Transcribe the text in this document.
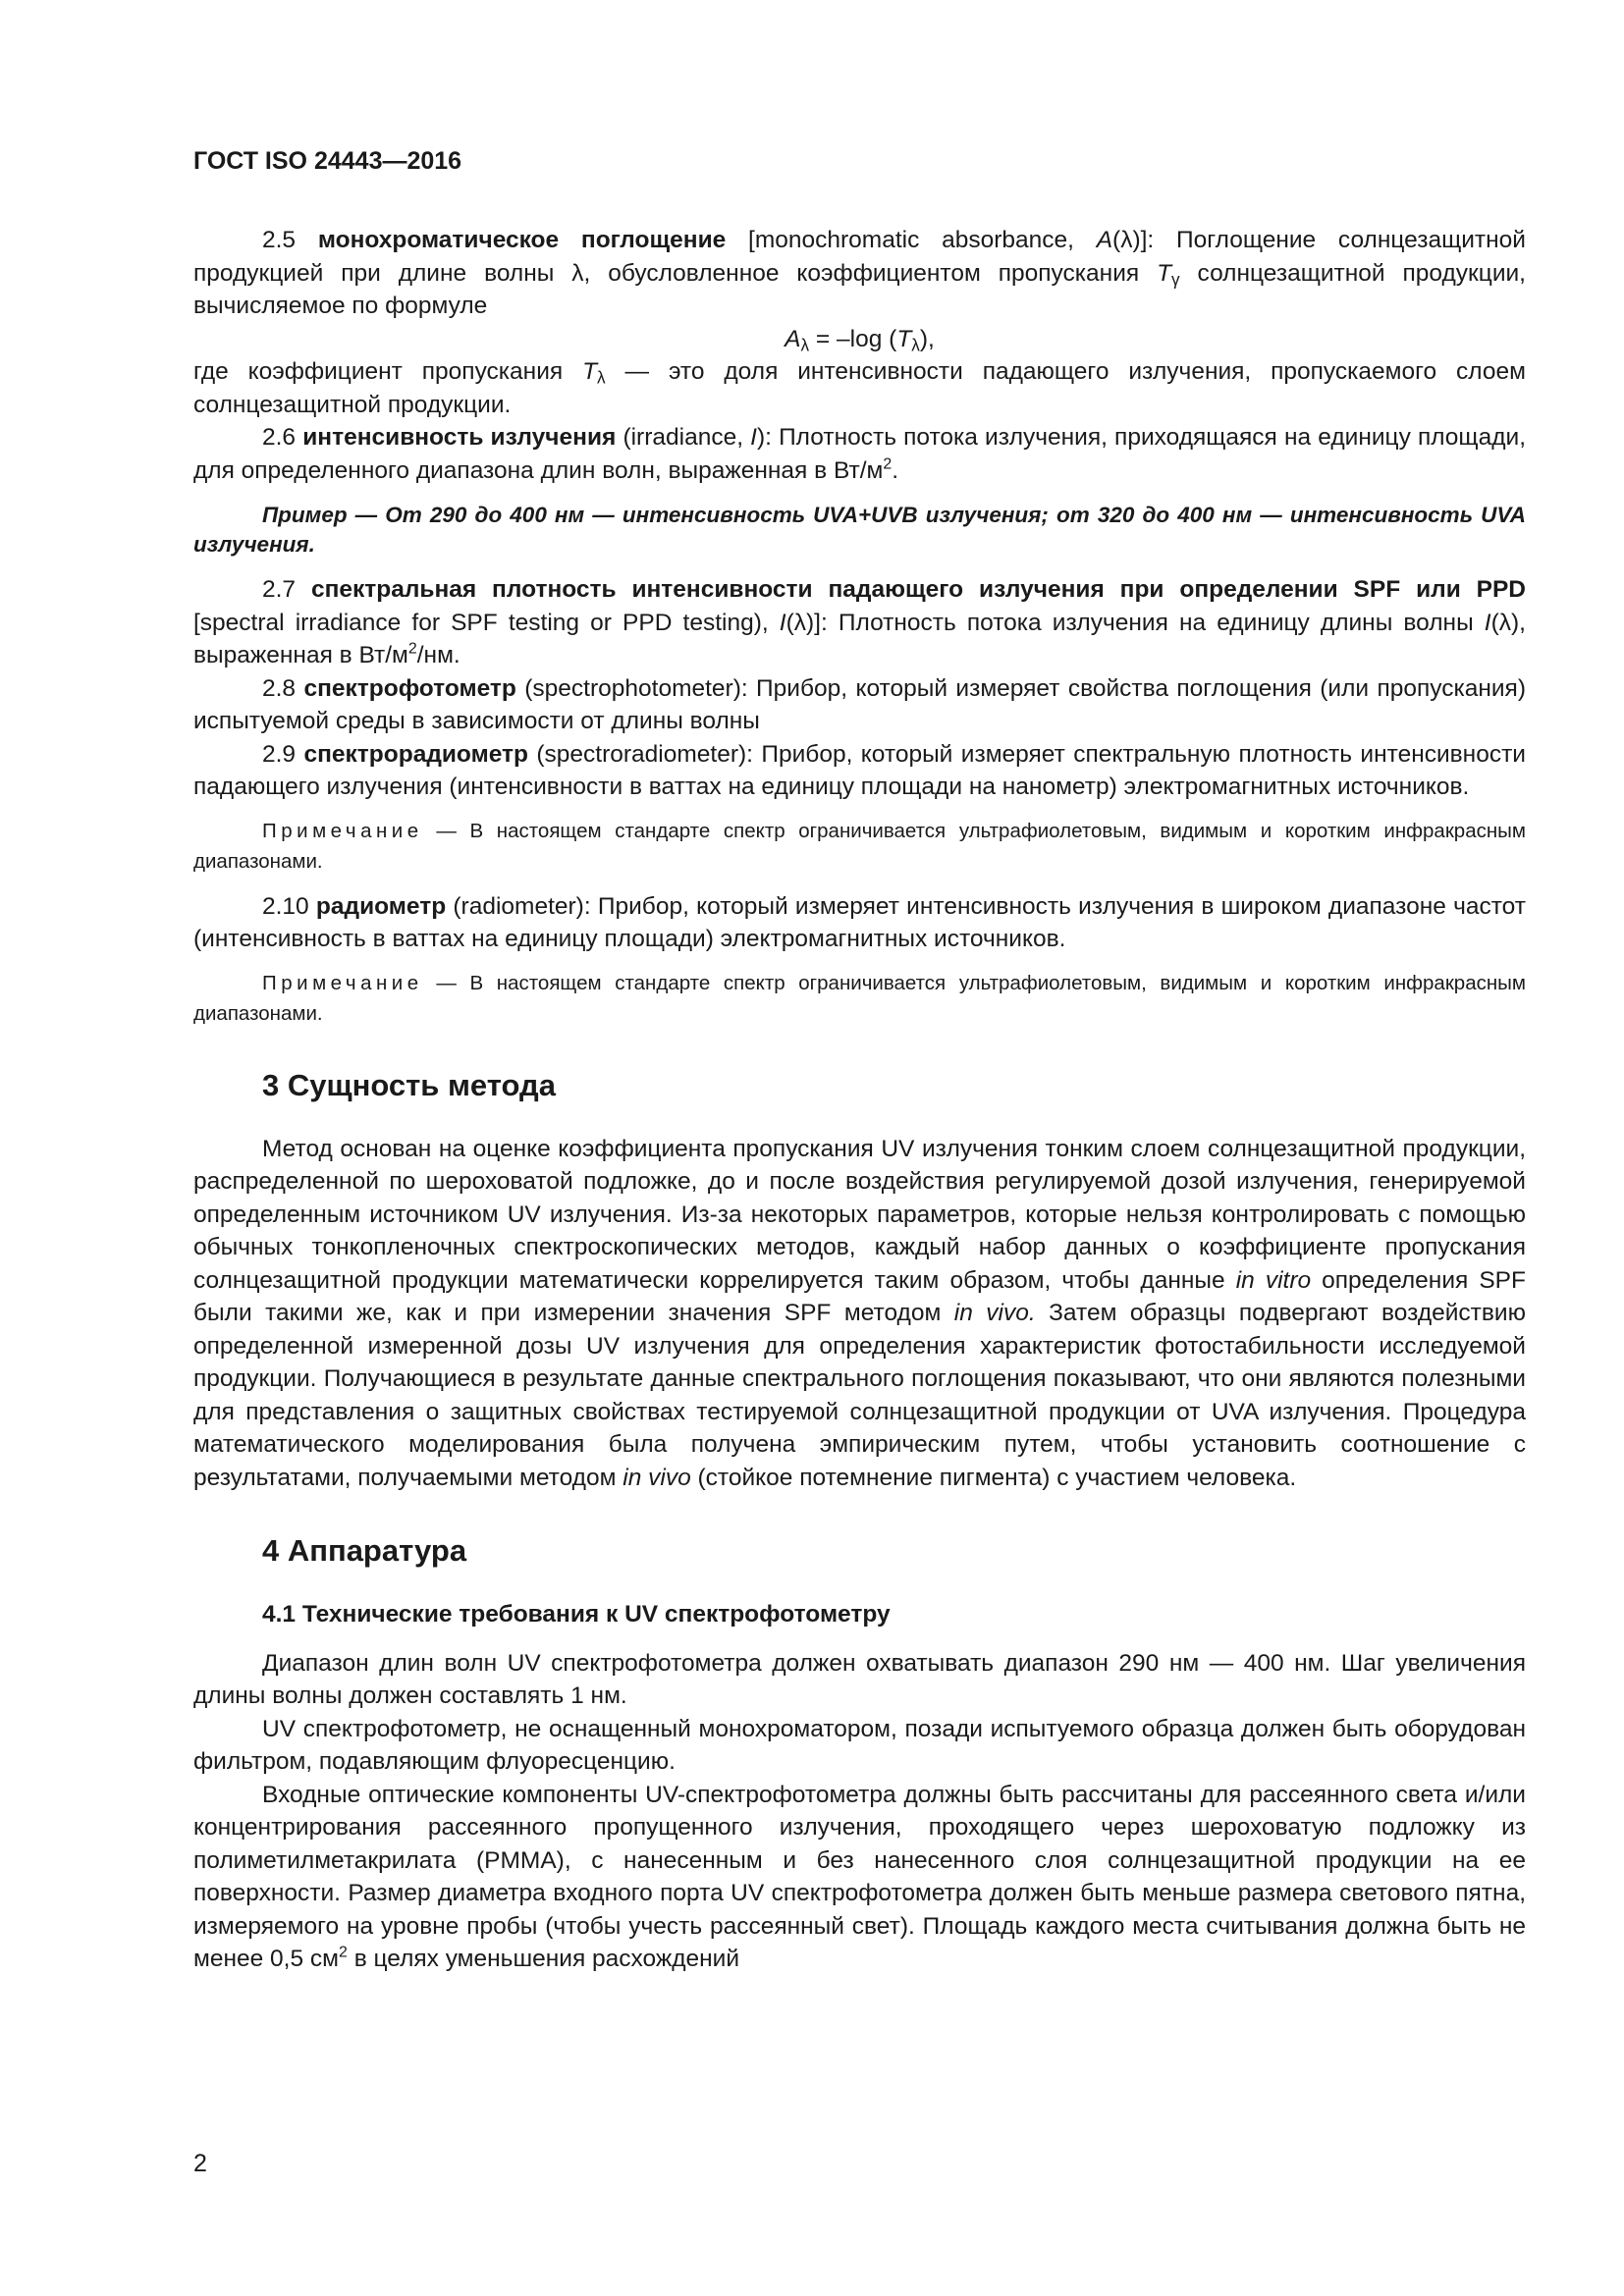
ГОСТ ISO 24443—2016

2.5 монохроматическое поглощение [monochromatic absorbance, A(λ)]: Поглощение солнцезащитной продукцией при длине волны λ, обусловленное коэффициентом пропускания $T_\gamma$ солнцезащитной продукции, вычисляемое по формуле

$A_\lambda = -\log$ $(T_\lambda)$,

где коэффициент пропускания $T_\lambda$ — это доля интенсивности падающего излучения, пропускаемого слоем солнцезащитной продукции.

2.6 интенсивность излучения (irradiance, I): Плотность потока излучения, приходящаяся на единицу площади, для определенного диапазона длин волн, выраженная в $Вт/м^2$.

Пример — От 290 до 400 нм — интенсивность UVA+UVB излучения; от 320 до 400 нм — интенсивность UVA излучения.

2.7 спектральная плотность интенсивности падающего излучения при определении SPF или PPD [spectral irradiance for SPF testing or PPD testing), I(λ)]: Плотность потока излучения на единицу длины волны I(λ), выраженная в $Вт/м^2/нм$.

2.8 спектрофотометр (spectrophotometer): Прибор, который измеряет свойства поглощения (или пропускания) испытуемой среды в зависимости от длины волны

2.9 спектрорадиометр (spectroradiometer): Прибор, который измеряет спектральную плотность интенсивности падающего излучения (интенсивности в ваттах на единицу площади на нанометр) электромагнитных источников.

Примечание — В настоящем стандарте спектр ограничивается ультрафиолетовым, видимым и коротким инфракрасным диапазонами.

2.10 радиометр (radiometer): Прибор, который измеряет интенсивность излучения в широком диапазоне частот (интенсивность в ваттах на единицу площади) электромагнитных источников.

Примечание — В настоящем стандарте спектр ограничивается ультрафиолетовым, видимым и коротким инфракрасным диапазонами.

3 Сущность метода

Метод основан на оценке коэффициента пропускания UV излучения тонким слоем солнцезащитной продукции, распределенной по шероховатой подложке, до и после воздействия регулируемой дозой излучения, генерируемой определенным источником UV излучения. Из-за некоторых параметров, которые нельзя контролировать с помощью обычных тонкопленочных спектроскопических методов, каждый набор данных о коэффициенте пропускания солнцезащитной продукции математически коррелируется таким образом, чтобы данные in vitro определения SPF были такими же, как и при измерении значения SPF методом in vivo. Затем образцы подвергают воздействию определенной измеренной дозы UV излучения для определения характеристик фотостабильности исследуемой продукции. Получающиеся в результате данные спектрального поглощения показывают, что они являются полезными для представления о защитных свойствах тестируемой солнцезащитной продукции от UVA излучения. Процедура математического моделирования была получена эмпирическим путем, чтобы установить соотношение с результатами, получаемыми методом in vivo (стойкое потемнение пигмента) с участием человека.

4 Аппаратура
4.1 Технические требования к UV спектрофотометру

Диапазон длин волн UV спектрофотометра должен охватывать диапазон 290 нм — 400 нм. Шаг увеличения длины волны должен составлять 1 нм.

UV спектрофотометр, не оснащенный монохроматором, позади испытуемого образца должен быть оборудован фильтром, подавляющим флуоресценцию.

Входные оптические компоненты UV-спектрофотометра должны быть рассчитаны для рассеянного света и/или концентрирования рассеянного пропущенного излучения, проходящего через шероховатую подложку из полиметилметакрилата (PMMA), с нанесенным и без нанесенного слоя солнцезащитной продукции на ее поверхности. Размер диаметра входного порта UV спектрофотометра должен быть меньше размера светового пятна, измеряемого на уровне пробы (чтобы учесть рассеянный свет). Площадь каждого места считывания должна быть не менее 0,5 $см^2$ в целях уменьшения расхождений

2
